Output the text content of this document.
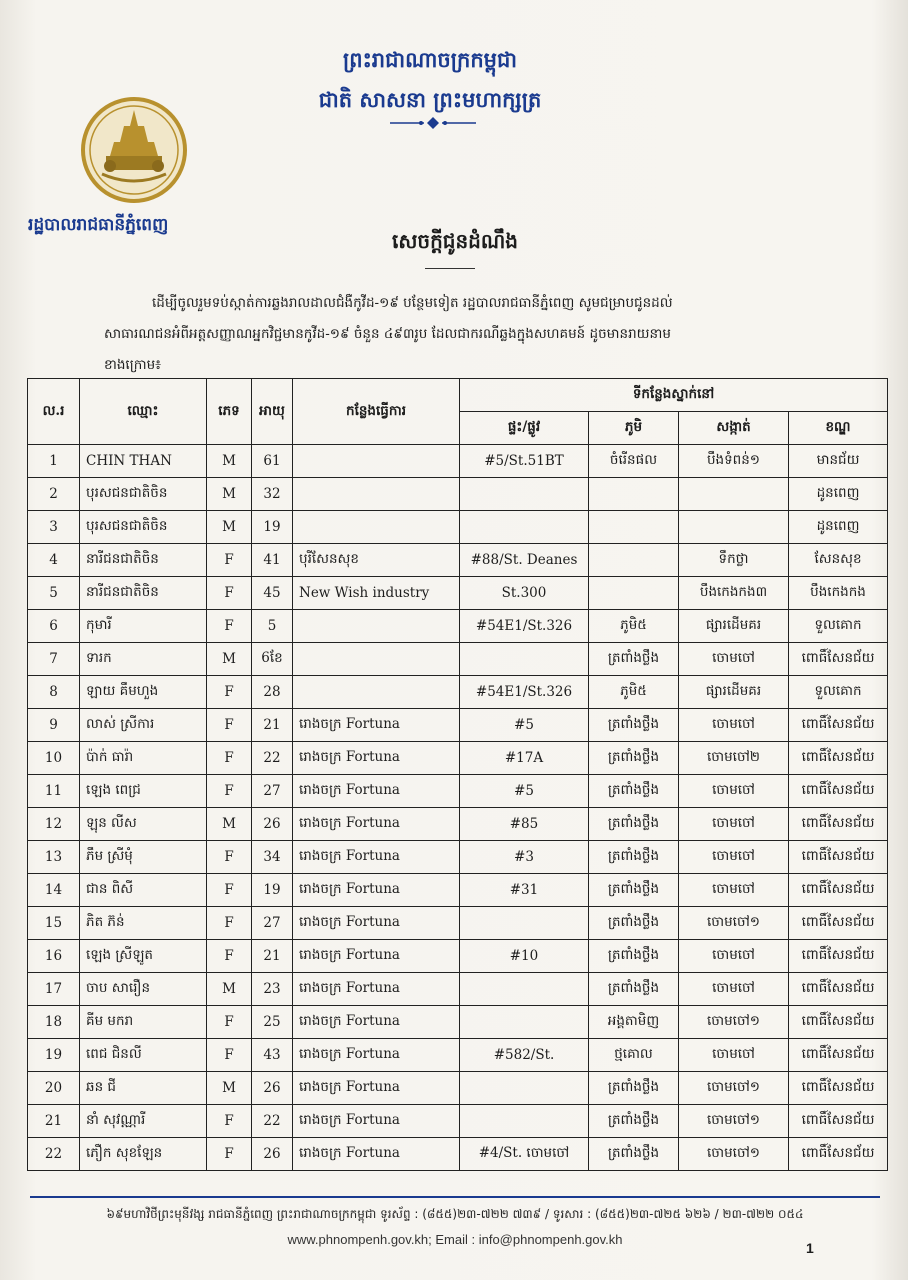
ព្រះរាជាណាចក្រកម្ពុជា
ជាតិ សាសនា ព្រះមហាក្សត្រ
រដ្ឋបាលរាជធានីភ្នំពេញ
សេចក្តីជូនដំណឹង
ដើម្បីចូលរួមទប់ស្កាត់ការឆ្លងរាលដាលជំងឺកូវីដ-១៩ បន្ថែមទៀត រដ្ឋបាលរាជធានីភ្នំពេញ សូមជម្រាបជូនដល់
សាធារណជនអំពីអត្តសញ្ញាណអ្នកវិជ្ជមានកូវីដ-១៩ ចំនួន ៤៩៣រូប ដែលជាករណីឆ្លងក្នុងសហគមន៍ ដូចមានរាយនាម
ខាងក្រោម៖
ល.រ	ឈ្មោះ	ភេទ	អាយុ	កន្លែងធ្វើការ	ទីកន្លែងស្នាក់នៅ			
					ផ្ទះ/ផ្លូវ	ភូមិ	សង្កាត់	ខណ្ឌ
1	CHIN THAN	M	61		#5/St.51BT	ចំរើនផល	បឹងទំពន់១	មានជ័យ
2	បុរសជនជាតិចិន	M	32					ដូនពេញ
3	បុរសជនជាតិចិន	M	19					ដូនពេញ
4	នារីជនជាតិចិន	F	41	បុរីសែនសុខ	#88/St. Deanes		ទឹកថ្លា	សែនសុខ
5	នារីជនជាតិចិន	F	45	New Wish industry	St.300		បឹងកេងកង៣	បឹងកេងកង
6	កុមារី	F	5		#54E1/St.326	ភូមិ៥	ផ្សារដើមគរ	ទួលគោក
7	ទារក	M	6ខែ			ត្រពាំងថ្លឹង	ចោមចៅ	ពោធិ៍សែនជ័យ
8	ឡាយ គឹមហួង	F	28		#54E1/St.326	ភូមិ៥	ផ្សារដើមគរ	ទួលគោក
9	លាស់ ស្រីការ	F	21	រោងចក្រ Fortuna	#5	ត្រពាំងថ្លឹង	ចោមចៅ	ពោធិ៍សែនជ័យ
10	ប៉ាក់ ធារ៉ា	F	22	រោងចក្រ Fortuna	#17A	ត្រពាំងថ្លឹង	ចោមចៅ២	ពោធិ៍សែនជ័យ
11	ឡេង ពេជ្រ	F	27	រោងចក្រ Fortuna	#5	ត្រពាំងថ្លឹង	ចោមចៅ	ពោធិ៍សែនជ័យ
12	ឡុន លីស	M	26	រោងចក្រ Fortuna	#85	ត្រពាំងថ្លឹង	ចោមចៅ	ពោធិ៍សែនជ័យ
13	ភឹម ស្រីមុំ	F	34	រោងចក្រ Fortuna	#3	ត្រពាំងថ្លឹង	ចោមចៅ	ពោធិ៍សែនជ័យ
14	ជាន ពិសី	F	19	រោងចក្រ Fortuna	#31	ត្រពាំងថ្លឹង	ចោមចៅ	ពោធិ៍សែនជ័យ
15	ភិត ភ៊ន់	F	27	រោងចក្រ Fortuna		ត្រពាំងថ្លឹង	ចោមចៅ១	ពោធិ៍សែនជ័យ
16	ឡេង ស្រីឡូត	F	21	រោងចក្រ Fortuna	#10	ត្រពាំងថ្លឹង	ចោមចៅ	ពោធិ៍សែនជ័យ
17	ចាប សារឿន	M	23	រោងចក្រ Fortuna		ត្រពាំងថ្លឹង	ចោមចៅ	ពោធិ៍សែនជ័យ
18	គីម មករា	F	25	រោងចក្រ Fortuna		អង្គតាមិញ	ចោមចៅ១	ពោធិ៍សែនជ័យ
19	ពេជ ជិនលី	F	43	រោងចក្រ Fortuna	#582/St.	ថ្មគោល	ចោមចៅ	ពោធិ៍សែនជ័យ
20	ឆន ជី	M	26	រោងចក្រ Fortuna		ត្រពាំងថ្លឹង	ចោមចៅ១	ពោធិ៍សែនជ័យ
21	នាំ សុវណ្ណារី	F	22	រោងចក្រ Fortuna		ត្រពាំងថ្លឹង	ចោមចៅ១	ពោធិ៍សែនជ័យ
22	ភឿក សុខឡែន	F	26	រោងចក្រ Fortuna	#4/St. ចោមចៅ	ត្រពាំងថ្លឹង	ចោមចៅ១	ពោធិ៍សែនជ័យ
៦៩មហាវិថីព្រះមុនីវង្ស រាជធានីភ្នំពេញ ព្រះរាជាណាចក្រកម្ពុជា ទូរស័ព្ទ : (៨៥៥)២៣-៧២២ ៧៣៩ / ទូរសារ : (៨៥៥)២៣-៧២៥ ៦២៦ / ២៣-៧២២ ០៥៤
www.phnompenh.gov.kh; Email : info@phnompenh.gov.kh
1
